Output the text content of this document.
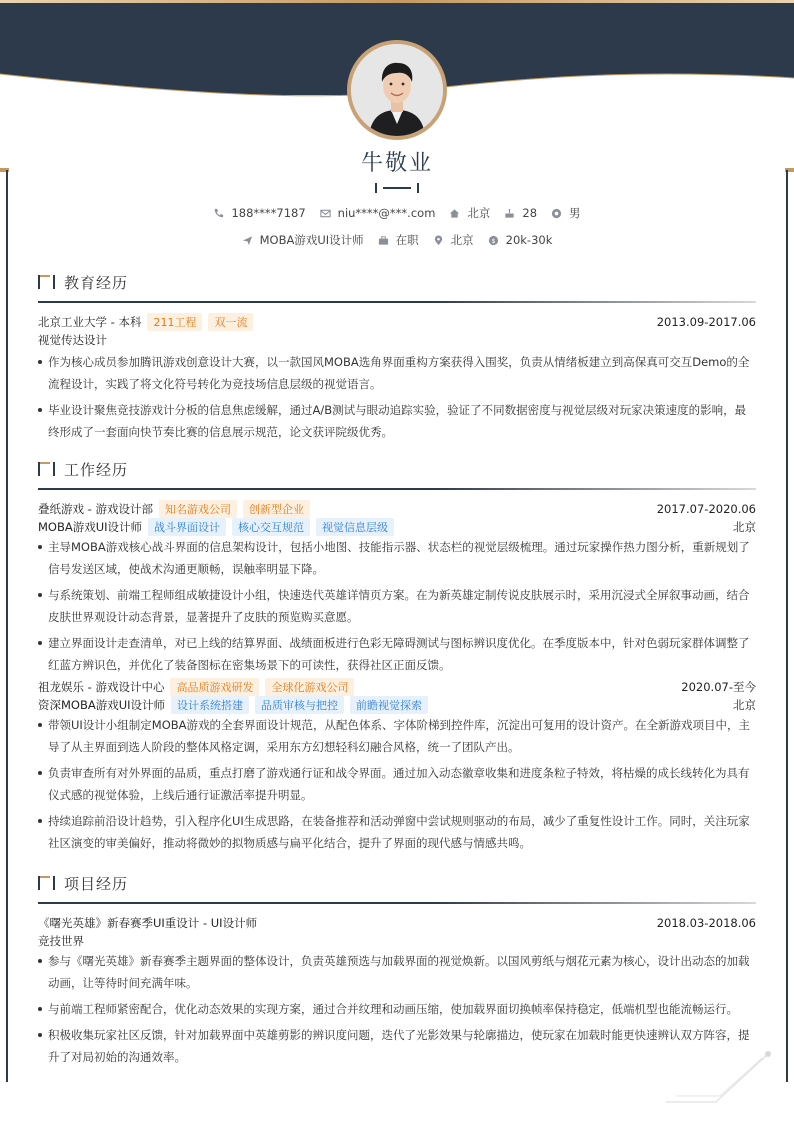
牛敬业
188****7187	niu****@***.com	北京	28	男
MOBA游戏UI设计师	在职	北京 $ 20k-30k
教育经历
北京工业大学 - 本科	211工程	双一流	2013.09-2017.06
视觉传达设计
作为核心成员参加腾讯游戏创意设计大赛，以一款国风MOBA选角界面重构方案获得入围奖，负责从情绪板建立到高保真可交互Demo的全流程设计，实践了将文化符号转化为竞技场信息层级的视觉语言。
毕业设计聚焦竞技游戏计分板的信息焦虑缓解，通过A/B测试与眼动追踪实验，验证了不同数据密度与视觉层级对玩家决策速度的影响，最终形成了一套面向快节奏比赛的信息展示规范，论文获评院级优秀。
工作经历
叠纸游戏 - 游戏设计部	知名游戏公司	创新型企业	2017.07-2020.06
MOBA游戏UI设计师	战斗界面设计	核心交互规范	视觉信息层级	北京
主导MOBA游戏核心战斗界面的信息架构设计，包括小地图、技能指示器、状态栏的视觉层级梳理。通过玩家操作热力图分析，重新规划了信号发送区域，使战术沟通更顺畅，误触率明显下降。
与系统策划、前端工程师组成敏捷设计小组，快速迭代英雄详情页方案。在为新英雄定制传说皮肤展示时，采用沉浸式全屏叙事动画，结合皮肤世界观设计动态背景，显著提升了皮肤的预览购买意愿。
建立界面设计走查清单，对已上线的结算界面、战绩面板进行色彩无障碍测试与图标辨识度优化。在季度版本中，针对色弱玩家群体调整了红蓝方辨识色，并优化了装备图标在密集场景下的可读性，获得社区正面反馈。
祖龙娱乐 - 游戏设计中心	高品质游戏研发	全球化游戏公司	2020.07-至今
资深MOBA游戏UI设计师	设计系统搭建	品质审核与把控	前瞻视觉探索	北京
带领UI设计小组制定MOBA游戏的全套界面设计规范，从配色体系、字体阶梯到控件库，沉淀出可复用的设计资产。在全新游戏项目中，主导了从主界面到选人阶段的整体风格定调，采用东方幻想轻科幻融合风格，统一了团队产出。
负责审查所有对外界面的品质，重点打磨了游戏通行证和战令界面。通过加入动态徽章收集和进度条粒子特效，将枯燥的成长线转化为具有仪式感的视觉体验，上线后通行证激活率提升明显。
持续追踪前沿设计趋势，引入程序化UI生成思路，在装备推荐和活动弹窗中尝试规则驱动的布局，减少了重复性设计工作。同时，关注玩家社区演变的审美偏好，推动将微妙的拟物质感与扁平化结合，提升了界面的现代感与情感共鸣。
项目经历
《曙光英雄》新春赛季UI重设计 - UI设计师	2018.03-2018.06
竞技世界
参与《曙光英雄》新春赛季主题界面的整体设计，负责英雄预选与加载界面的视觉焕新。以国风剪纸与烟花元素为核心，设计出动态的加载动画，让等待时间充满年味。
与前端工程师紧密配合，优化动态效果的实现方案，通过合并纹理和动画压缩，使加载界面切换帧率保持稳定，低端机型也能流畅运行。
积极收集玩家社区反馈，针对加载界面中英雄剪影的辨识度问题，迭代了光影效果与轮廓描边，使玩家在加载时能更快速辨认双方阵容，提升了对局初始的沟通效率。
